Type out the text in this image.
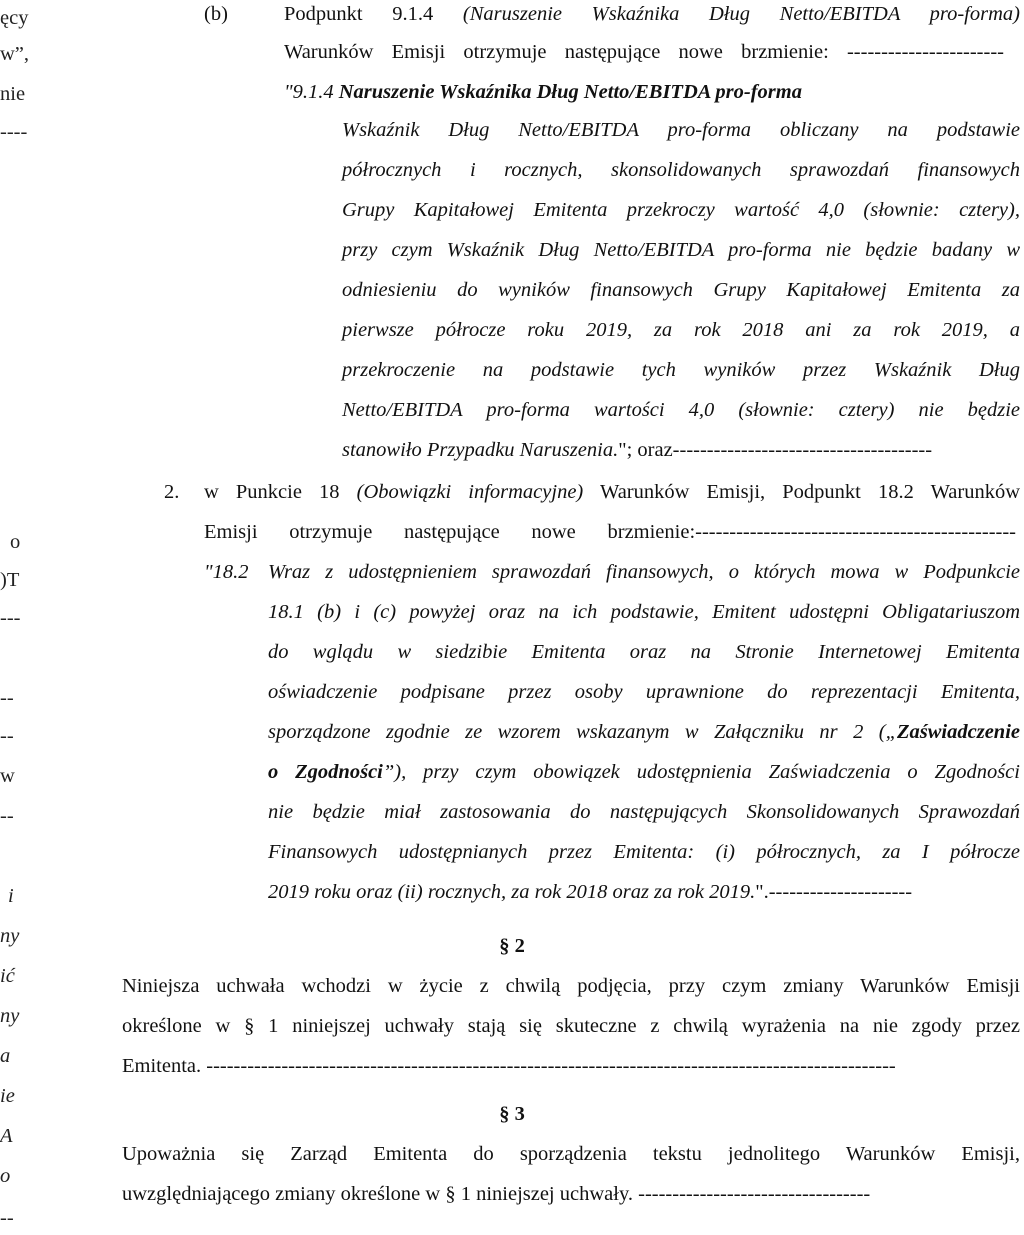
ęcy
w”,
nie
----
o
)T
---
--
--
w
--
i
ny
ić
ny
a
ie
A
o
--
(b)	Podpunkt 9.1.4 (Naruszenie Wskaźnika Dług Netto/EBITDA pro-forma)
Warunków Emisji otrzymuje następujące nowe brzmienie: -----------------------
"9.1.4 Naruszenie Wskaźnika Dług Netto/EBITDA pro-forma
Wskaźnik Dług Netto/EBITDA pro-forma obliczany na podstawie
półrocznych i rocznych, skonsolidowanych sprawozdań finansowych
Grupy Kapitałowej Emitenta przekroczy wartość 4,0 (słownie: cztery),
przy czym Wskaźnik Dług Netto/EBITDA pro-forma nie będzie badany w
odniesieniu do wyników finansowych Grupy Kapitałowej Emitenta za
pierwsze półrocze roku 2019, za rok 2018 ani za rok 2019, a
przekroczenie na podstawie tych wyników przez Wskaźnik Dług
Netto/EBITDA pro-forma wartości 4,0 (słownie: cztery) nie będzie
stanowiło Przypadku Naruszenia."; oraz--------------------------------------
2. w Punkcie 18 (Obowiązki informacyjne) Warunków Emisji, Podpunkt 18.2 Warunków
Emisji otrzymuje następujące nowe brzmienie:-----------------------------------------------
"18.2 Wraz z udostępnieniem sprawozdań finansowych, o których mowa w Podpunkcie
18.1 (b) i (c) powyżej oraz na ich podstawie, Emitent udostępni Obligatariuszom
do wglądu w siedzibie Emitenta oraz na Stronie Internetowej Emitenta
oświadczenie podpisane przez osoby uprawnione do reprezentacji Emitenta,
sporządzone zgodnie ze wzorem wskazanym w Załączniku nr 2 („Zaświadczenie
o Zgodności”), przy czym obowiązek udostępnienia Zaświadczenia o Zgodności
nie będzie miał zastosowania do następujących Skonsolidowanych Sprawozdań
Finansowych udostępnianych przez Emitenta: (i) półrocznych, za I półrocze
2019 roku oraz (ii) rocznych, za rok 2018 oraz za rok 2019.".---------------------
§ 2
Niniejsza uchwała wchodzi w życie z chwilą podjęcia, przy czym zmiany Warunków Emisji
określone w § 1 niniejszej uchwały stają się skuteczne z chwilą wyrażenia na nie zgody przez
Emitenta. -----------------------------------------------------------------------------------------------------
§ 3
Upoważnia się Zarząd Emitenta do sporządzenia tekstu jednolitego Warunków Emisji,
uwzględniającego zmiany określone w § 1 niniejszej uchwały. ----------------------------------
